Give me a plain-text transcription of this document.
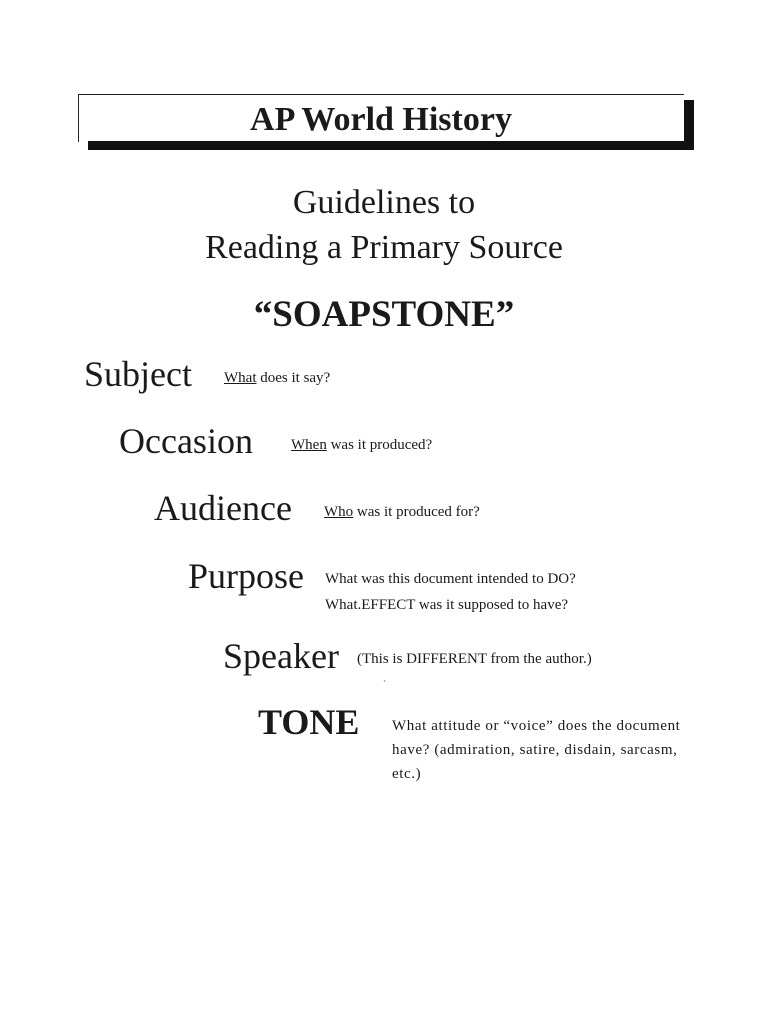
AP World History
Guidelines to
Reading a Primary Source
“SOAPSTONE”
Subject What does it say?
Occasion	When was it produced?
Audience Who was it produced for?
Purpose What was this document intended to DO?
What.EFFECT was it supposed to have?
Speaker (This is DIFFERENT from the author.)
`
TONE What attitude or “voice” does the document have? (admiration, satire, disdain, sarcasm, etc.)
